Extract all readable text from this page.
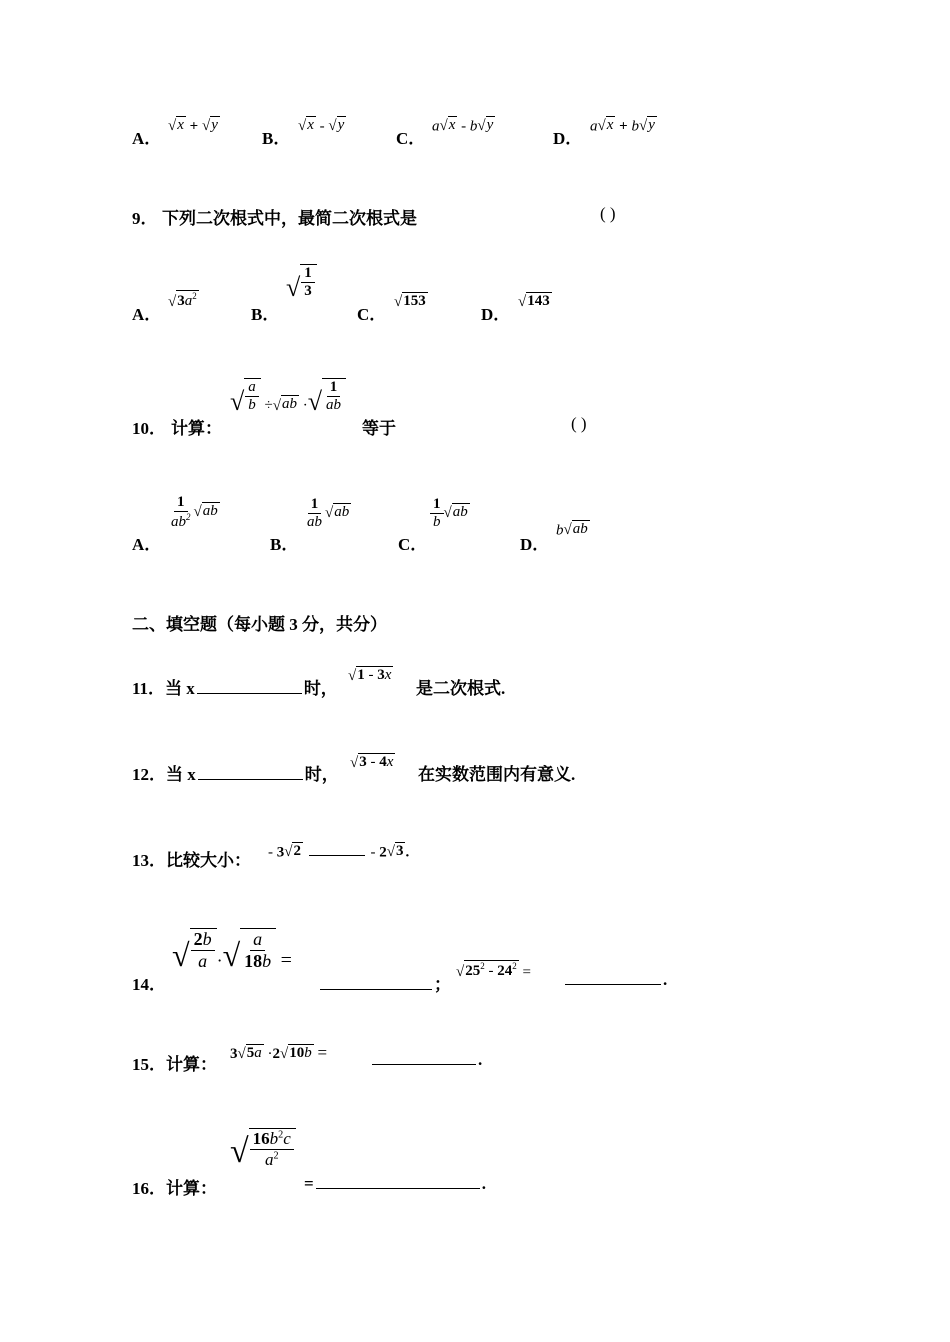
A．
√ x + √ y
B．
√ x - √ y
C．
a √ x - b √ y
D．
a √ x + b √ y
9． 下列二次根式中，最简二次根式是	( )
A．
√ $3a^2$
B．
√ $\frac{1}{3}$
C．
√ 153
D．
√ 143
10． 计算：
√ $\frac{a}{b}$ ÷ √ ab · √ $\frac{1}{ab}$
等于	( )
A．
$\frac{1}{ab^2}$ √ ab
B．
$\frac{1}{ab}$ √ ab
C．
$\frac{1}{b}$ √ ab
D．
b √ ab
二、填空题（每小题 3 分，共分）
11．当 x	时，
√ 1 - 3x
是二次根式.
12．当 x	时，
√ 3 - 4x
在实数范围内有意义.
13．比较大小： - 3 √ 2	- 2 √ 3 .
14．
√ $\frac{2b}{a}$ · √ $\frac{a}{18b}$ =
；
√ $25^2 - 24^2$ =	.
15．计算：
3 √ 5a ·2 √ 10b =	.
16．计算：
√ $\frac{16b^2c}{a^2}$
=	.
